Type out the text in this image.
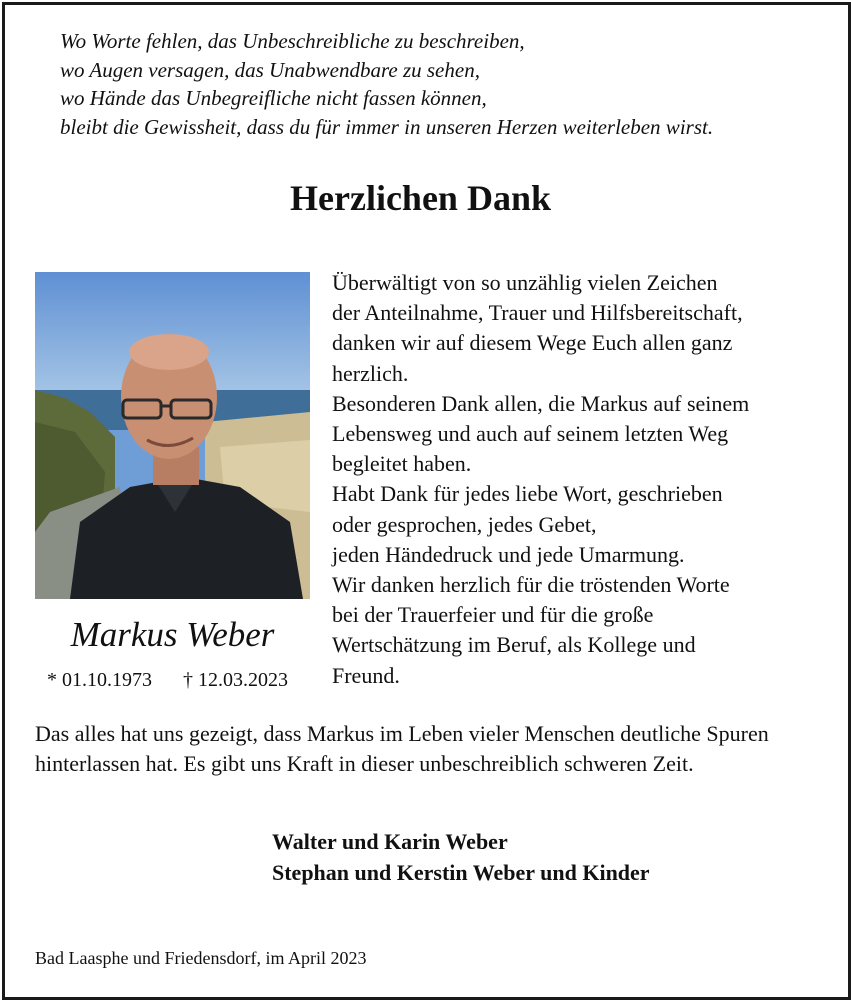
Wo Worte fehlen, das Unbeschreibliche zu beschreiben,
wo Augen versagen, das Unabwendbare zu sehen,
wo Hände das Unbegreifliche nicht fassen können,
bleibt die Gewissheit, dass du für immer in unseren Herzen weiterleben wirst.
Herzlichen Dank
Markus Weber
* 01.10.1973 † 12.03.2023
Überwältigt von so unzählig vielen Zeichen
der Anteilnahme, Trauer und Hilfsbereitschaft,
danken wir auf diesem Wege Euch allen ganz
herzlich.
Besonderen Dank allen, die Markus auf seinem
Lebensweg und auch auf seinem letzten Weg
begleitet haben.
Habt Dank für jedes liebe Wort, geschrieben
oder gesprochen, jedes Gebet,
jeden Händedruck und jede Umarmung.
Wir danken herzlich für die tröstenden Worte
bei der Trauerfeier und für die große
Wertschätzung im Beruf, als Kollege und
Freund.
Das alles hat uns gezeigt, dass Markus im Leben vieler Menschen deutliche Spuren hinterlassen hat. Es gibt uns Kraft in dieser unbeschreiblich schweren Zeit.
Walter und Karin Weber
Stephan und Kerstin Weber und Kinder
Bad Laasphe und Friedensdorf, im April 2023
